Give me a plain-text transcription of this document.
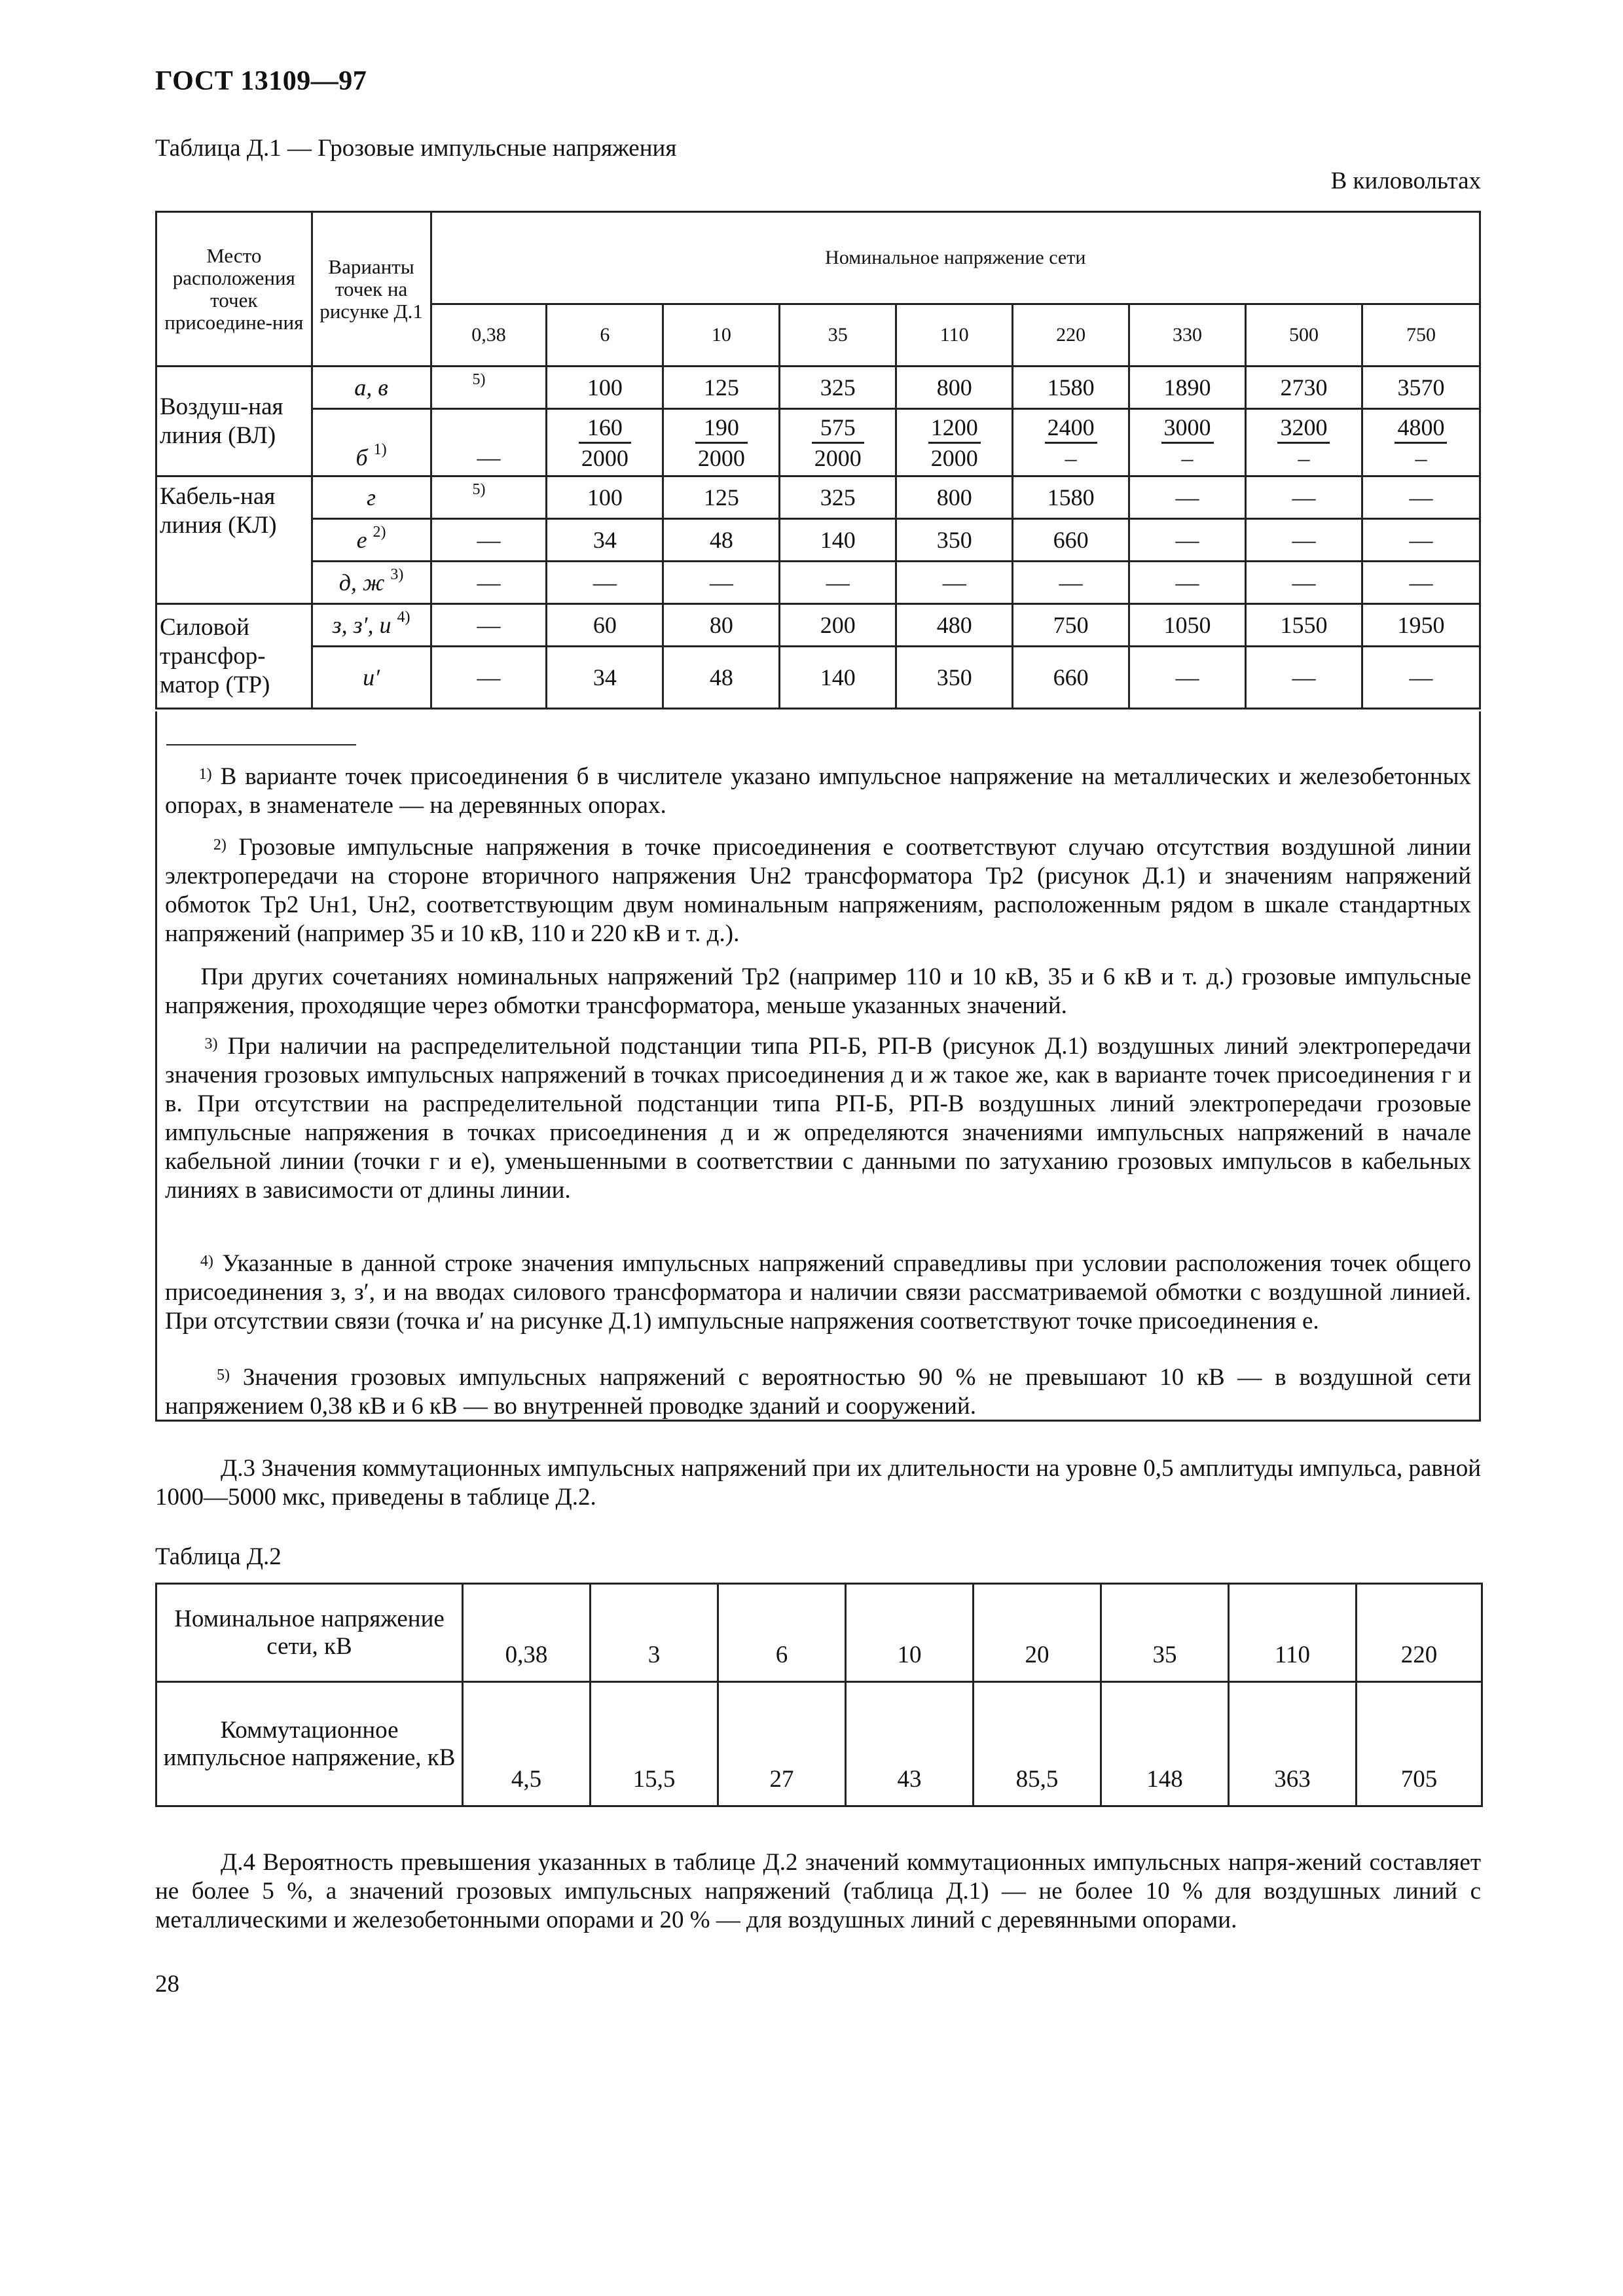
ГОСТ 13109—97
Таблица Д.1 — Грозовые импульсные напряжения
В киловольтах
Место расположения точек присоедине-ния	Варианты точек на рисунке Д.1	Номинальное напряжение сети								
		0,38	6	10	35	110	220	330	500	750
Воздуш-ная линия (ВЛ)	а, в	5)	100	125	325	800	1580	1890	2730	3570
	б $^{1)}$	—	$\frac{160}{2000}$	$\frac{190}{2000}$	$\frac{575}{2000}$	$\frac{1200}{2000}$	$\frac{2400}{-}$	$\frac{3000}{-}$	$\frac{3200}{-}$	$\frac{4800}{-}$

Кабель-ная линия (КЛ)	г	5)	100	125	325	800	1580	—	—	—
	е $^{2)}$	—	34	48	140	350	660	—	—	—
	д, ж $^{3)}$	—	—	—	—	—	—	—	—	—
Силовой трансфор-матор (ТР)	з, з′, и $^{4)}$	—	60	80	200	480	750	1050	1550	1950
	и′	—	34	48	140	350	660	—	—	—

$^{1)}$ В варианте точек присоединения б в числителе указано импульсное напряжение на металлических и железобетонных опорах, в знаменателе — на деревянных опорах.

$^{2)}$ Грозовые импульсные напряжения в точке присоединения е соответствуют случаю отсутствия воздушной линии электропередачи на стороне вторичного напряжения Uн2 трансформатора Тр2 (рисунок Д.1) и значениям напряжений обмоток Тр2 Uн1, Uн2, соответствующим двум номинальным напряжениям, расположенным рядом в шкале стандартных напряжений (например 35 и 10 кВ, 110 и 220 кВ и т. д.).

При других сочетаниях номинальных напряжений Тр2 (например 110 и 10 кВ, 35 и 6 кВ и т. д.) грозовые импульсные напряжения, проходящие через обмотки трансформатора, меньше указанных значений.

$^{3)}$ При наличии на распределительной подстанции типа РП-Б, РП-В (рисунок Д.1) воздушных линий электропередачи значения грозовых импульсных напряжений в точках присоединения д и ж такое же, как в варианте точек присоединения г и в. При отсутствии на распределительной подстанции типа РП-Б, РП-В воздушных линий электропередачи грозовые импульсные напряжения в точках присоединения д и ж определяются значениями импульсных напряжений в начале кабельной линии (точки г и е), уменьшенными в соответствии с данными по затуханию грозовых импульсов в кабельных линиях в зависимости от длины линии.

$^{4)}$ Указанные в данной строке значения импульсных напряжений справедливы при условии расположения точек общего присоединения з, з′, и на вводах силового трансформатора и наличии связи рассматриваемой обмотки с воздушной линией. При отсутствии связи (точка и′ на рисунке Д.1) импульсные напряжения соответствуют точке присоединения е.

$^{5)}$ Значения грозовых импульсных напряжений с вероятностью 90 % не превышают 10 кВ — в воздушной сети напряжением 0,38 кВ и 6 кВ — во внутренней проводке зданий и сооружений.

Д.3 Значения коммутационных импульсных напряжений при их длительности на уровне 0,5 амплитуды импульса, равной 1000—5000 мкс, приведены в таблице Д.2.

Таблица Д.2
Номинальное напряжение сети, кВ	0,38	3	6	10	20	35	110	220
Коммутационное импульсное напряжение, кВ	4,5	15,5	27	43	85,5	148	363	705

Д.4 Вероятность превышения указанных в таблице Д.2 значений коммутационных импульсных напря-жений составляет не более 5 %, а значений грозовых импульсных напряжений (таблица Д.1) — не более 10 % для воздушных линий с металлическими и железобетонными опорами и 20 % — для воздушных линий с деревянными опорами.

28
